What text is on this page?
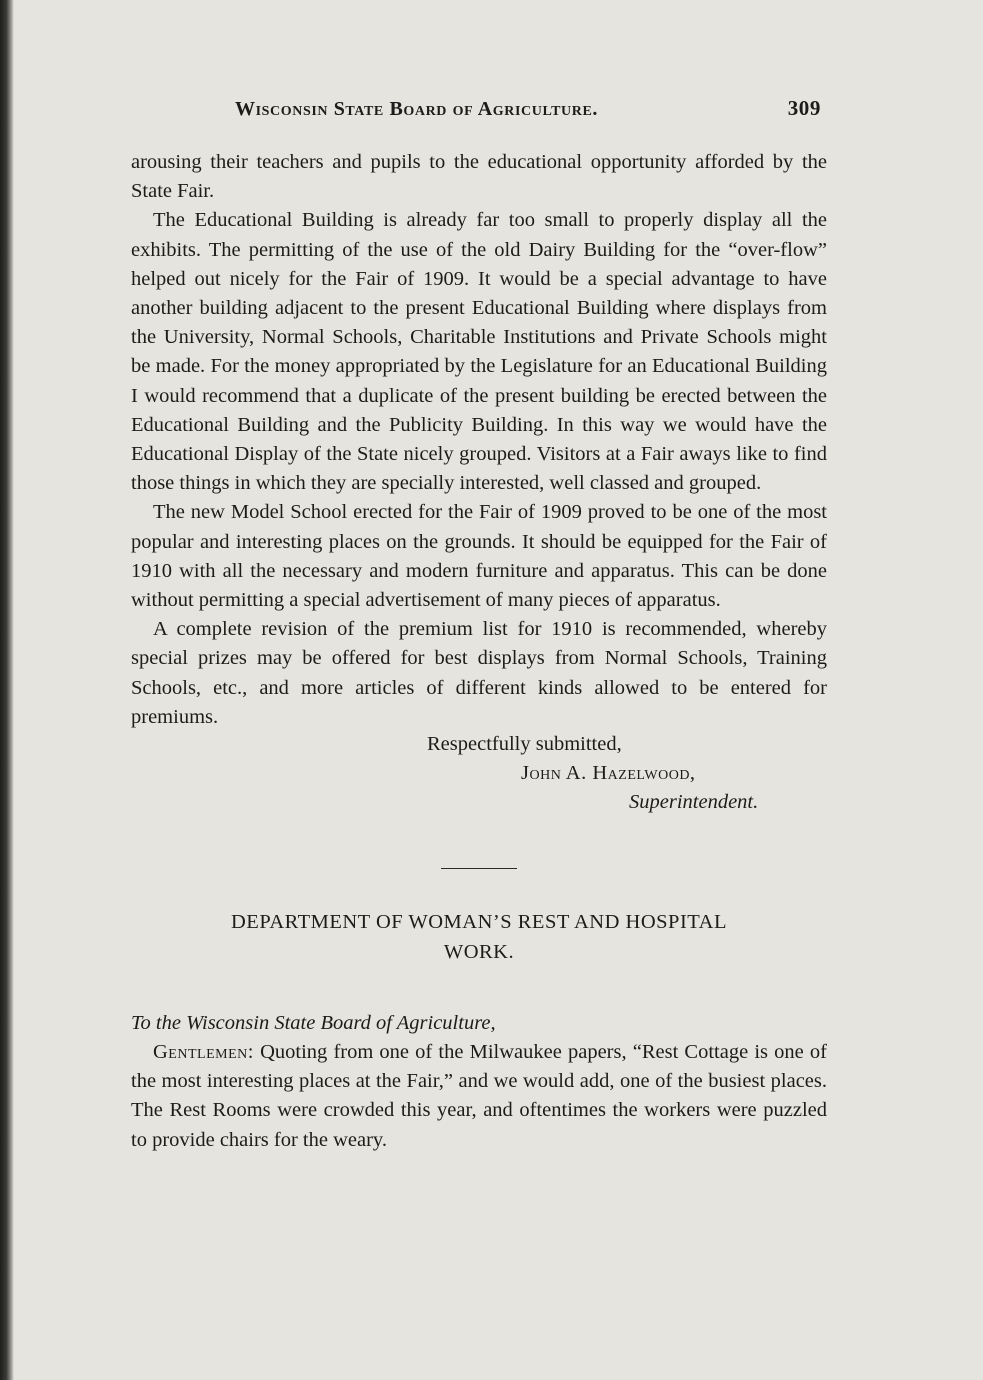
Wisconsin State Board of Agriculture.	309

arousing their teachers and pupils to the educational opportunity afforded by the State Fair.

The Educational Building is already far too small to properly display all the exhibits. The permitting of the use of the old Dairy Building for the “over-flow” helped out nicely for the Fair of 1909. It would be a special advantage to have another building adjacent to the present Educational Building where displays from the University, Normal Schools, Charitable Institutions and Private Schools might be made. For the money appropriated by the Legislature for an Educational Building I would recommend that a duplicate of the present building be erected between the Educational Building and the Publicity Building. In this way we would have the Educational Display of the State nicely grouped. Visitors at a Fair aways like to find those things in which they are specially interested, well classed and grouped.

The new Model School erected for the Fair of 1909 proved to be one of the most popular and interesting places on the grounds. It should be equipped for the Fair of 1910 with all the necessary and modern furniture and apparatus. This can be done without permitting a special advertisement of many pieces of apparatus.

A complete revision of the premium list for 1910 is recommended, whereby special prizes may be offered for best displays from Normal Schools, Training Schools, etc., and more articles of different kinds allowed to be entered for premiums.

Respectfully submitted,
John A. Hazelwood,
Superintendent.
DEPARTMENT OF WOMAN’S REST AND HOSPITAL
WORK.
To the Wisconsin State Board of Agriculture,

Gentlemen: Quoting from one of the Milwaukee papers, “Rest Cottage is one of the most interesting places at the Fair,” and we would add, one of the busiest places. The Rest Rooms were crowded this year, and oftentimes the workers were puzzled to provide chairs for the weary.
